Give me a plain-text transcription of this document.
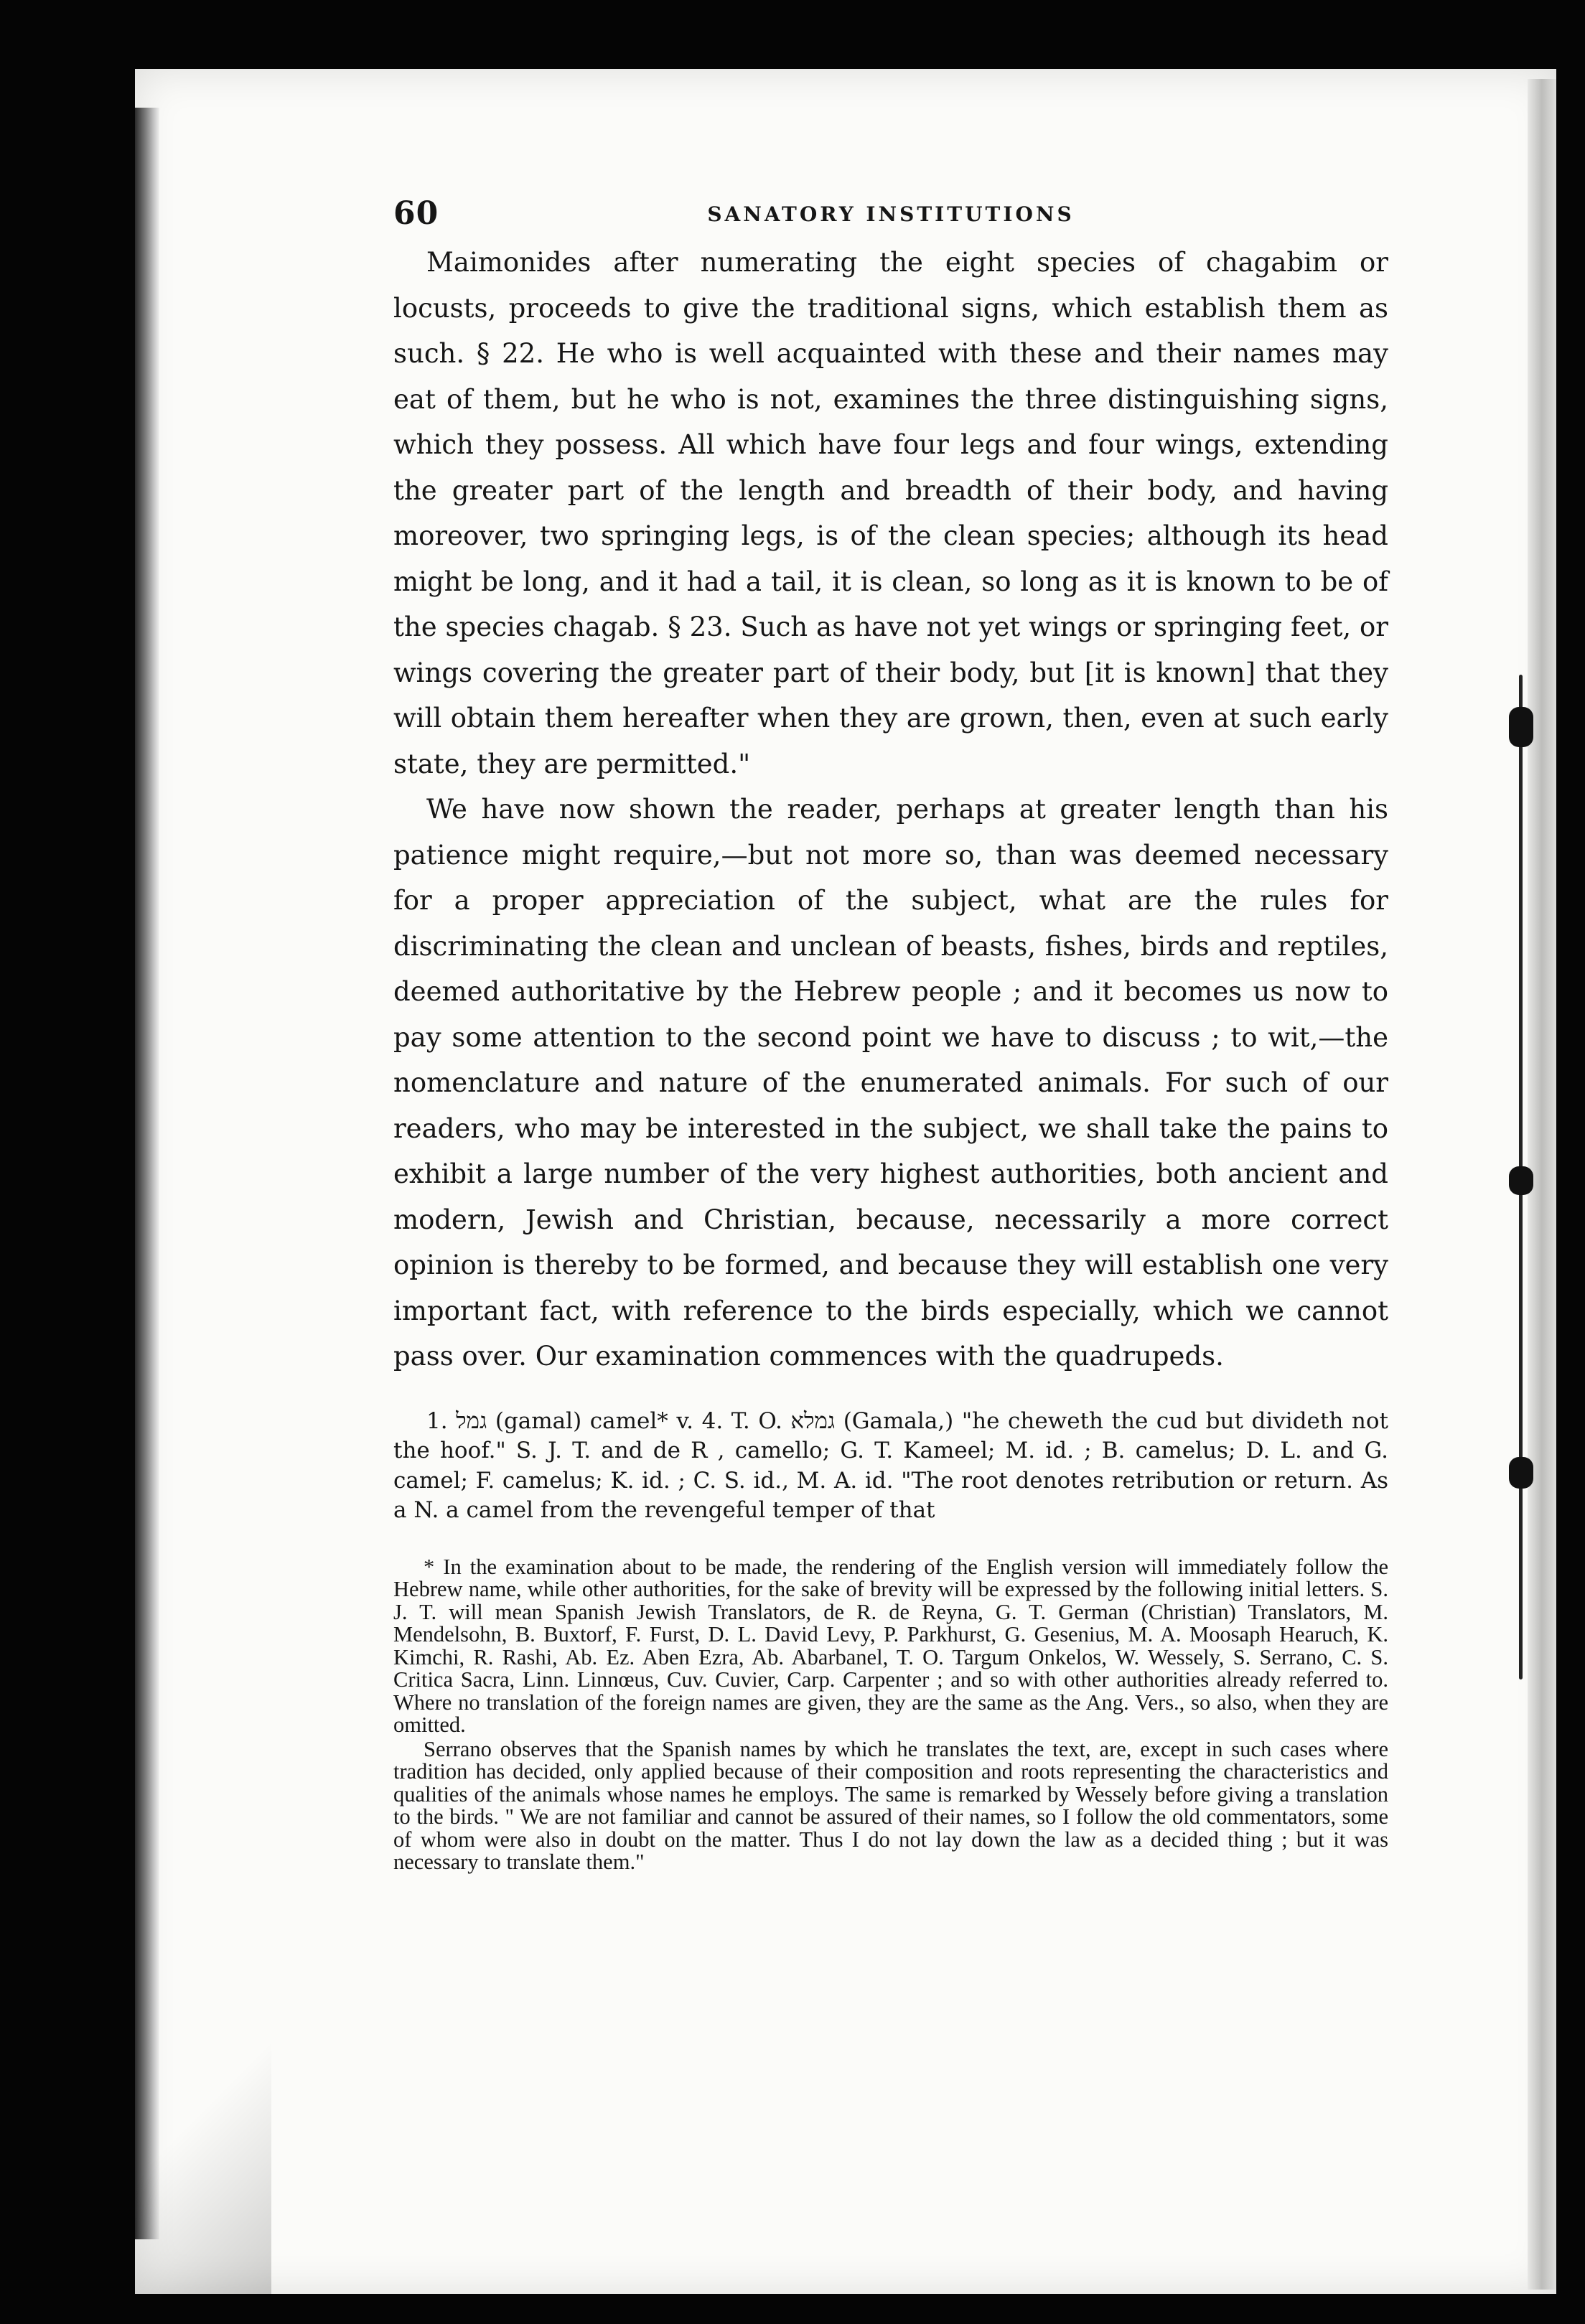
60	SANATORY INSTITUTIONS

Maimonides after numerating the eight species of chagabim or locusts, proceeds to give the traditional signs, which establish them as such. § 22. He who is well acquainted with these and their names may eat of them, but he who is not, examines the three distinguishing signs, which they possess. All which have four legs and four wings, extending the greater part of the length and breadth of their body, and having moreover, two springing legs, is of the clean species; although its head might be long, and it had a tail, it is clean, so long as it is known to be of the species chagab. § 23. Such as have not yet wings or springing feet, or wings covering the greater part of their body, but [it is known] that they will obtain them hereafter when they are grown, then, even at such early state, they are permitted."

We have now shown the reader, perhaps at greater length than his patience might require,—but not more so, than was deemed necessary for a proper appreciation of the subject, what are the rules for discriminating the clean and unclean of beasts, fishes, birds and reptiles, deemed authoritative by the Hebrew people ; and it becomes us now to pay some attention to the second point we have to discuss ; to wit,—the nomenclature and nature of the enumerated animals. For such of our readers, who may be interested in the subject, we shall take the pains to exhibit a large number of the very highest authorities, both ancient and modern, Jewish and Christian, because, necessarily a more correct opinion is thereby to be formed, and because they will establish one very important fact, with reference to the birds especially, which we cannot pass over. Our examination commences with the quadrupeds.

1. גמל (gamal) camel* v. 4. T. O. גמלא (Gamala,) "he cheweth the cud but divideth not the hoof." S. J. T. and de R , camello; G. T. Kameel; M. id. ; B. camelus; D. L. and G. camel; F. camelus; K. id. ; C. S. id., M. A. id. "The root denotes retribution or return. As a N. a camel from the revengeful temper of that

* In the examination about to be made, the rendering of the English version will immediately follow the Hebrew name, while other authorities, for the sake of brevity will be expressed by the following initial letters. S. J. T. will mean Spanish Jewish Translators, de R. de Reyna, G. T. German (Christian) Translators, M. Mendelsohn, B. Buxtorf, F. Furst, D. L. David Levy, P. Parkhurst, G. Gesenius, M. A. Moosaph Hearuch, K. Kimchi, R. Rashi, Ab. Ez. Aben Ezra, Ab. Abarbanel, T. O. Targum Onkelos, W. Wessely, S. Serrano, C. S. Critica Sacra, Linn. Linnœus, Cuv. Cuvier, Carp. Carpenter ; and so with other authorities already referred to. Where no translation of the foreign names are given, they are the same as the Ang. Vers., so also, when they are omitted.

Serrano observes that the Spanish names by which he translates the text, are, except in such cases where tradition has decided, only applied because of their composition and roots representing the characteristics and qualities of the animals whose names he employs. The same is remarked by Wessely before giving a translation to the birds. " We are not familiar and cannot be assured of their names, so I follow the old commentators, some of whom were also in doubt on the matter. Thus I do not lay down the law as a decided thing ; but it was necessary to translate them."
